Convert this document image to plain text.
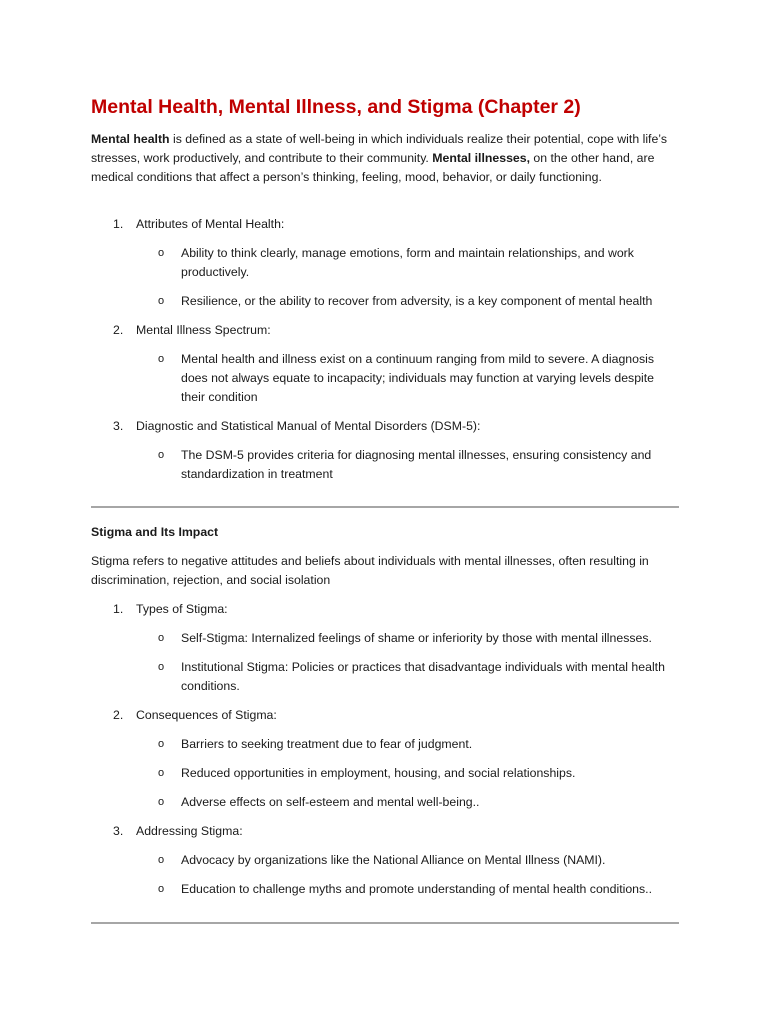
Mental Health, Mental Illness, and Stigma (Chapter 2)

Mental health is defined as a state of well-being in which individuals realize their potential, cope with life’s stresses, work productively, and contribute to their community. Mental illnesses, on the other hand, are medical conditions that affect a person’s thinking, feeling, mood, behavior, or daily functioning.

1. Attributes of Mental Health:
o Ability to think clearly, manage emotions, form and maintain relationships, and work productively.
o Resilience, or the ability to recover from adversity, is a key component of mental health
2. Mental Illness Spectrum:
o Mental health and illness exist on a continuum ranging from mild to severe. A diagnosis does not always equate to incapacity; individuals may function at varying levels despite their condition
3. Diagnostic and Statistical Manual of Mental Disorders (DSM-5):
o The DSM-5 provides criteria for diagnosing mental illnesses, ensuring consistency and standardization in treatment
Stigma and Its Impact

Stigma refers to negative attitudes and beliefs about individuals with mental illnesses, often resulting in discrimination, rejection, and social isolation

1. Types of Stigma:
o Self-Stigma: Internalized feelings of shame or inferiority by those with mental illnesses.
o Institutional Stigma: Policies or practices that disadvantage individuals with mental health conditions.
2. Consequences of Stigma:
o Barriers to seeking treatment due to fear of judgment.
o Reduced opportunities in employment, housing, and social relationships.
o Adverse effects on self-esteem and mental well-being..
3. Addressing Stigma:
o Advocacy by organizations like the National Alliance on Mental Illness (NAMI).
o Education to challenge myths and promote understanding of mental health conditions..
